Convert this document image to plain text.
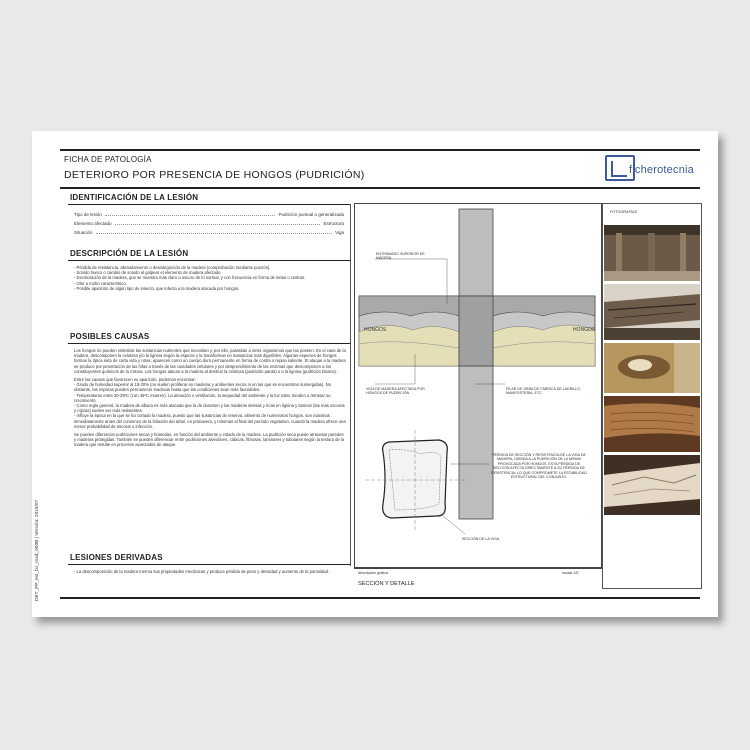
FICHA DE PATOLOGÍA
DETERIORO POR PRESENCIA DE HONGOS (PUDRICIÓN)	ficherotecnia
DET_FP_est_fxr_mad_000B | Versión: 2015/07
IDENTIFICACIÓN DE LA LESIÓN
Tipo de lesión	Pudrición puntual o generalizada
Elemento afectado	Estructura
Situación	Viga
DESCRIPCIÓN DE LA LESIÓN
- Pérdida de resistencia, abrandamiento o desintegración de la madera (comprobación mediante punzón).
- Sonido hueco o cambio de sonido al golpear el elemento de madera afectado.
- Decoloración de la madera, que se muestra más claro u oscuro de lo normal, y con frecuencia en forma de setas o costras.
- Olor a moho característico.
- Posible aparición de algún tipo de insecto, que infecta a la madera atacada por hongos.
POSIBLES CAUSAS

Los hongos no pueden sintetizar las sustancias nutrientes que necesitan y, por ello, parasitan a otros organismos que las poseen. En el caso de la madera, descomponen la celulosa y/o la lignina según la especie y la transforman en sustancias más digeribles. Algunas especies de hongos forman la típica seta de corta vida y otras, aparecen como un cuerpo duro permanente en forma de costra o repisa saliente. El ataque a la madera se produce por penetración de las hifas a través de las cavidades celulares y por desprendimiento de las enzimas que descomponen a los constituyentes químicos de la misma. Los hongos atacan a la madera al destruir la celulosa (pudrición parda) o a la lignina (pudrición blanca).

Entre las causas que favorecen su aparición, podemos encontrar:

- Grado de humedad superior al 18-20% (no suelen proliferar en maderas y ambientes secos ni en las que se encuentran sumergidas). No obstante, las esporas pueden permanecer inactivas hasta que las condiciones sean más favorables.
- Temperaturas entre 20-25ºC (con 45ºC mueren). La aireación o ventilación, la sequedad del ambiente y la luz solar, tienden a retrasar su crecimiento.
- Como regla general, la madera de albura es más atacada que la de duramen y las maderas densas y ricas en lignina y taninos (las más oscuras y rojizas) suelen ser más resistentes.
- Influye la época en la que se ha cortado la madera, puesto que las sustancias de reserva, alimento de numerosos hongos, son máximas inmediatamente antes del comienzo de la foliación del árbol, en primavera, y mínimas al final del período vegetativo, cuando la madera ofrece una menor probabilidad de micosis o infección.

Se pueden diferenciar pudriciones secas y húmedas, en función del ambiente y estado de la madera. La pudrición seca puede atravesar paredes y maderas protegidas. También se pueden diferenciar entre pudriciones alveolares, cúbicas, fibrosas, laminares y tubulares según la textura de la madera que resulte en procesos avanzados de ataque.

LESIONES DERIVADAS
- La descomposición de la madera merma sus propiedades mecánicas y produce pérdida de peso y densidad y aumento de la porosidad.
ENTRAMADO SUPERIOR DE MADERA
HONGOS	HONGOS
VIGA DE MADERA AFECTADA POR HONGOS DE PUDRICIÓN
PILAR DE OBRA DE FÁBRICA DE LADRILLO, MAMPOSTERÍA, ETC.
PÉRDIDA DE SECCIÓN Y RESISTENCIA DE LA VIGA DE MADERA, DEBIDA A LA PUDRICIÓN DE LA MISMA PROVOCADA POR HONGOS. ESTA PÉRDIDA DE SECCIÓN AFECTA DIRECTAMENTE A SU PÉRDIDA DE RESISTENCIA, LO QUE COMPROMETE LA ESTABILIDAD ESTRUCTURAL DEL CONJUNTO.
SECCIÓN DE LA VIGA
descripción gráfica	escala 1/5
SECCIÓN Y DETALLE
FOTOGRAFÍAS
